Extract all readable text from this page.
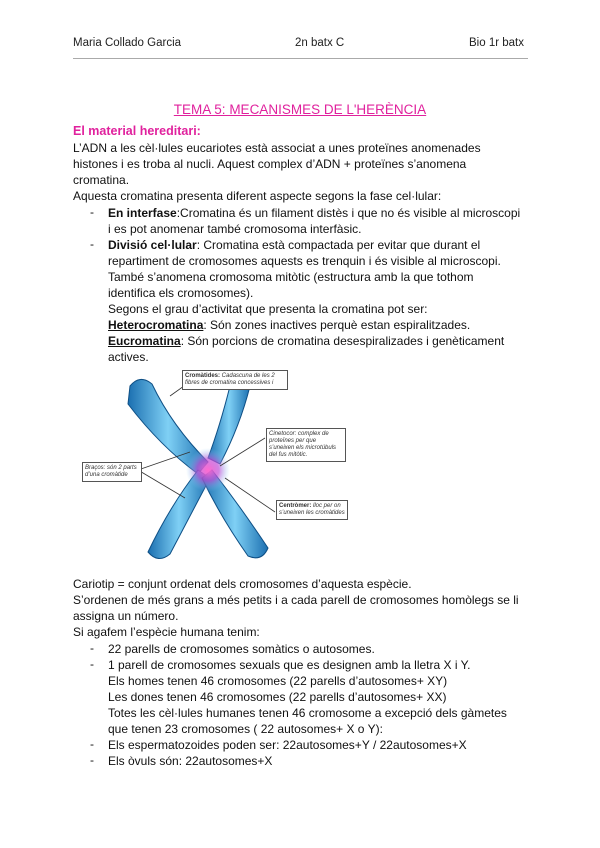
Maria Collado Garcia	2n batx C	Bio 1r batx
TEMA 5: MECANISMES DE L'HERÈNCIA
El material hereditari:
L’ADN a les cèl·lules eucariotes està associat a unes proteïnes anomenades
histones i es troba al nucli. Aquest complex d’ADN + proteïnes s’anomena
cromatina.
Aquesta cromatina presenta diferent aspecte segons la fase cel·lular:
- En interfase:Cromatina és un filament distès i que no és visible al microscopi
i es pot anomenar també cromosoma interfàsic.
- Divisió cel·lular: Cromatina està compactada per evitar que durant el
repartiment de cromosomes aquests es trenquin i és visible al microscopi.
També s’anomena cromosoma mitòtic (estructura amb la que tothom
identifica els cromosomes).
Segons el grau d’activitat que presenta la cromatina pot ser:
Heterocromatina: Són zones inactives perquè estan espiralitzades.
Eucromatina: Són porcions de cromatina desespiralizades i genèticament
actives.
Cromàtides: Cadascuna de les 2 fibres de cromatina concessives i
Cinetocor: complex de proteïnes per que s’uneixen els microtúbuls del fus mitòtic.
Braços: són 2 parts d’una cromàtide
Centròmer: lloc per on s’uneixen les cromàtides
Cariotip = conjunt ordenat dels cromosomes d’aquesta espècie.
S’ordenen de més grans a més petits i a cada parell de cromosomes homòlegs se li
assigna un número.
Si agafem l’espècie humana tenim:
- 22 parells de cromosomes somàtics o autosomes.
- 1 parell de cromosomes sexuals que es designen amb la lletra X i Y.
Els homes tenen 46 cromosomes (22 parells d’autosomes+ XY)
Les dones tenen 46 cromosomes (22 parells d’autosomes+ XX)
Totes les cèl·lules humanes tenen 46 cromosome a excepció dels gàmetes
que tenen 23 cromosomes ( 22 autosomes+ X o Y):
- Els espermatozoides poden ser: 22autosomes+Y / 22autosomes+X
- Els òvuls són: 22autosomes+X
